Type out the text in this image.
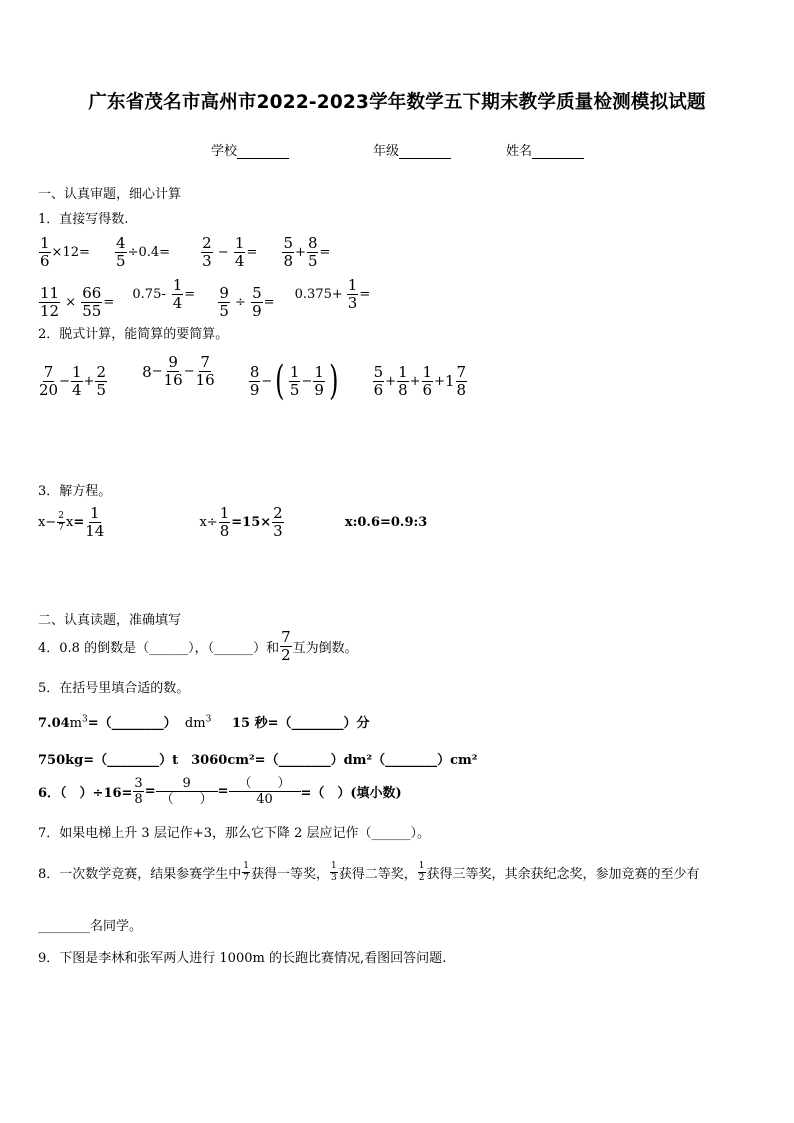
广东省茂名市高州市2022-2023学年数学五下期末教学质量检测模拟试题
学校	年级	姓名
一、认真审题，细心计算
1．直接写得数.
$\frac{1}{6} \times 12=$
$\frac{4}{5} \div 0.4=$
$\frac{2}{3} - \frac{1}{4}$ =
$\frac{5}{8} + \frac{8}{5}$ =
$\frac{11}{12} \times \frac{66}{55}$ =

$0.75- \frac{1}{4}$ =
$\frac{9}{5} \div \frac{5}{9}$ =

$0.375+ \frac{1}{3}$ =
2．脱式计算，能简算的要简算。
$\frac{7}{20} - \frac{1}{4} + \frac{2}{5}$
$8 - \frac{9}{16} - \frac{7}{16}$
$\frac{8}{9}$ − ( $\frac{1}{5} - \frac{1}{9}$ )
$\frac{5}{6} + \frac{1}{8} + \frac{1}{6} + 1 \frac{7}{8}$
3．解方程。
$x - \frac{2}{7}$ $x = \frac{1}{14}$
	$x\div \frac{1}{8} =15\times \frac{2}{3}$
	x:0.6=0.9:3
二、认真读题，准确填写
4．0.8 的倒数是（______），（______）和 $\frac{7}{2}$ 互为倒数。
5．在括号里填合适的数。
$7.04m^3=(\_\_\_\_\_\_\_\_)$ $dm^3$ 15 秒=（________）分
750kg=（________）t　3060cm²=（________）dm²（________）cm²
6．（　）$\div 16= \frac{3}{8} = \frac{9}{( )} = \frac{( )}{40}$ =（　）(填小数)
7．如果电梯上升 3 层记作+3，那么它下降 2 层应记作（______）。
8．一次数学竞赛，结果参赛学生中 $\frac{1}{7}$ 获得一等奖， $\frac{1}{3}$ 获得二等奖， $\frac{1}{2}$ 获得三等奖，其余获纪念奖，参加竞赛的至少有
________名同学。
9．下图是李林和张军两人进行 1000m 的长跑比赛情况,看图回答问题.
